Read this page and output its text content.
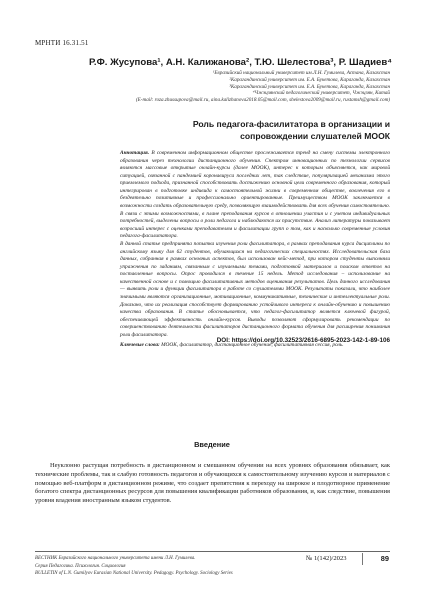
МРНТИ 16.31.51
Р.Ф. Жусупова¹, А.Н. Калижанова², Т.Ю. Шелестова³, Р. Шадиев⁴
¹Евразийский национальный университет им.Л.Н. Гумилева, Астана, Казахстан
²Карагандинский университет им. Е.А. Букетова, Караганда, Казахстан
³Карагандинский университет им. Е.А. Букетова, Караганда, Казахстан
⁴Чжэцзянский педагогический университет, Чжэцзян, Китай
(E-mail: roza.zhussupova@mail.ru, aina.kalizhanova2018.05@mail.com, shelestova2009@mail.ru, rustamsh@gmail.com)
Роль педагога-фасилитатора в организации и
сопровождении слушателей МООК

Аннотация. В современном информационном обществе прослеживается тренд на смену системы электронного образования через технологии дистанционного обучения. Спектром инновационных по технологии сервисов являются массовые открытые онлайн-курсы (далее МООК), интерес к которым объясняется, как мировой ситуацией, связанной с пандемией коронавируса последних лет, так следствие, популяризацией механизма этого приемлемого подхода, признанной способствовать достижению основной цели современного образования, который интегрирован в подготовке индивида к самостоятельной жизни в современном обществе, вовлечения его в бездеятельно позитивные и профессионально ориентированные. Преимуществом МООК заключается в возможности создать образовательную среду, позволяющую взаимодействовать для всех обучения самостоятельно. В связи с этими возможностями, в плане преподавания курсов в отношении участия и с учетом индивидуальных потребностей, выделены вопросы о роли педагога и наблюдаются их присутствие. Анализ литературы показывает возросший интерес с оценками преподавателям и фасилитации групп о том, как и насколько современные условия педагога-фасилитатора.

В данной статье предпринята попытка изучения роли фасилитатора, в рамках преподавания курса дисциплины по английскому языку для 62 студентов, обучающихся на педагогических специальностях. Исследовательская база данных, собранная в рамках основных аспектов, был использован кейс-метод, при котором студенты выполняли упражнения по заданиям, связанным с изучаемыми темами, подготовкой материалов и поиском ответов на поставленные вопросы. Опрос проводился в течение 15 недель. Метод исследования – использование на качественной основе и с помощью фасилитативных методов оценивания результатов. Цель данного исследования — выявить роли и функции фасилитатора в работе со слушателями МООК. Результаты показали, что наиболее значимыми являются организационные, мотивационные, коммуникативные, технические и интеллектуальные роли. Доказано, что их реализация способствует формированию устойчивого интереса к онлайн-обучению и повышению качества образования. В статье обосновывается, что педагог-фасилитатор является ключевой фигурой, обеспечивающей эффективность онлайн-курсов. Выводы позволяют сформулировать рекомендации по совершенствованию деятельности фасилитаторов дистанционного формата обучения для расширения понимания роли фасилитатора.

Ключевые слова: МООК, фасилитатор, дистанционное обучение, фасилитативная сессия, роль.

DOI: https://doi.org/10.32523/2616-6895-2023-142-1-89-106
Введение

Неуклонно растущая потребность в дистанционном и смешанном обучении на всех уровнях образования обязывает, как технические проблемы, так и слабую готовность педагогов и обучающихся к самостоятельному изучению курсов и материалов с помощью веб-платформ в дистанционном режиме, что создает препятствия к переходу на широкое и плодотворное применение богатого спектра дистанционных ресурсов для повышения квалификации работников образования, и, как следствие, повышения уровня владения иностранным языком студентов.

ВЕСТНИК Евразийского национального университета имени Л.Н. Гумилева.
Серия Педагогика. Психология. Социология
BULLETIN of L.N. Gumilyov Eurasian National University. Pedagogy. Psychology. Sociology Series
№ 1(142)/2023	89
